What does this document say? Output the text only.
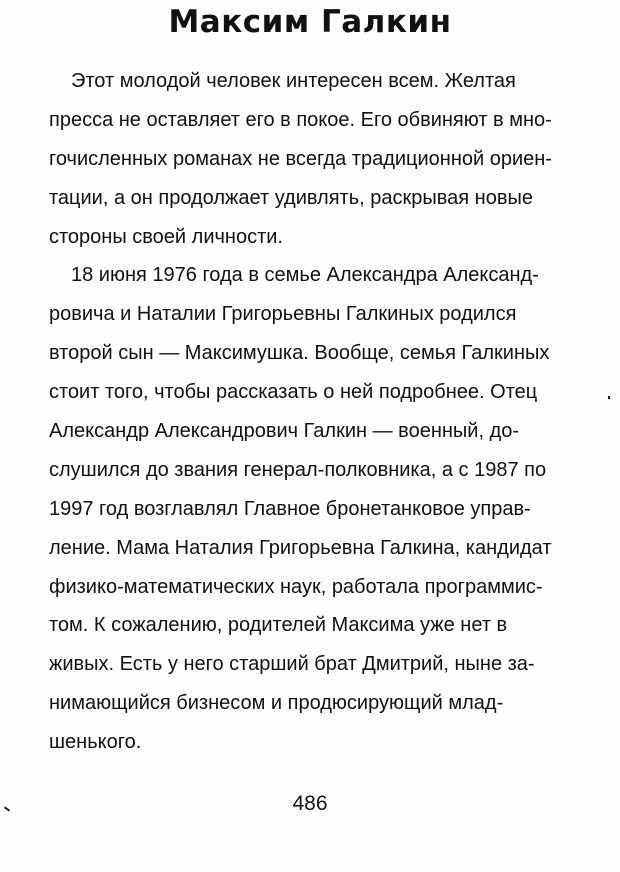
Максим Галкин

Этот молодой человек интересен всем. Желтая
пресса не оставляет его в покое. Его обвиняют в мно-
гочисленных романах не всегда традиционной ориен-
тации, а он продолжает удивлять, раскрывая новые
стороны своей личности.

18 июня 1976 года в семье Александра Александ-
ровича и Наталии Григорьевны Галкиных родился
второй сын — Максимушка. Вообще, семья Галкиных
стоит того, чтобы рассказать о ней подробнее. Отец
Александр Александрович Галкин — военный, до-
слушился до звания генерал-полковника, а с 1987 по
1997 год возглавлял Главное бронетанковое управ-
ление. Мама Наталия Григорьевна Галкина, кандидат
физико-математических наук, работала программис-
том. К сожалению, родителей Максима уже нет в
живых. Есть у него старший брат Дмитрий, ныне за-
нимающийся бизнесом и продюсирующий млад-
шенького.

486
